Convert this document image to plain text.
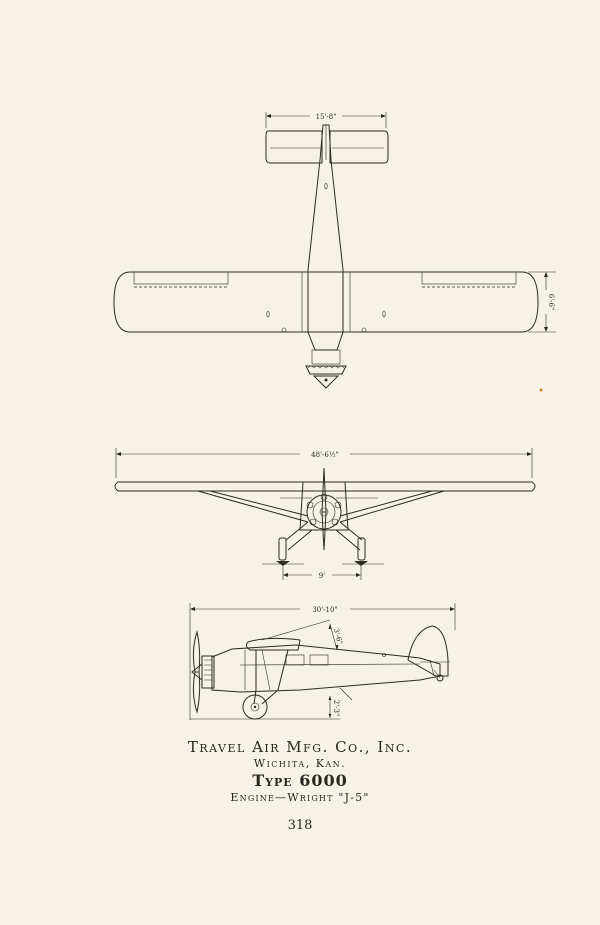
15'-8"
6'-6"
48'-6½"
9'
30'-10"
3'-6"
2'-3"
Travel Air Mfg. Co., Inc.
Wichita, Kan.
Type 6000
Engine—Wright "J-5"
318
